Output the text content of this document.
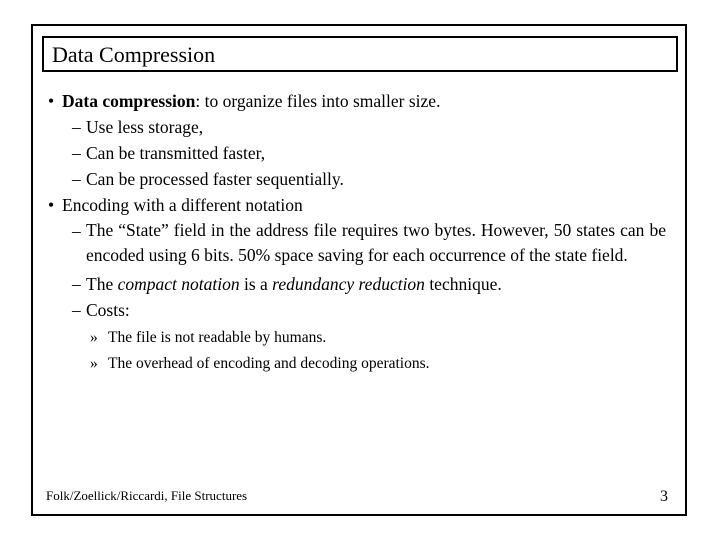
Data Compression
• Data compression: to organize files into smaller size.
– Use less storage,
– Can be transmitted faster,
– Can be processed faster sequentially.
• Encoding with a different notation
– The “State” field in the address file requires two bytes. However, 50 states can be encoded using 6 bits. 50% space saving for each occurrence of the state field.
– The compact notation is a redundancy reduction technique.
– Costs:
» The file is not readable by humans.
» The overhead of encoding and decoding operations.
Folk/Zoellick/Riccardi, File Structures	3
